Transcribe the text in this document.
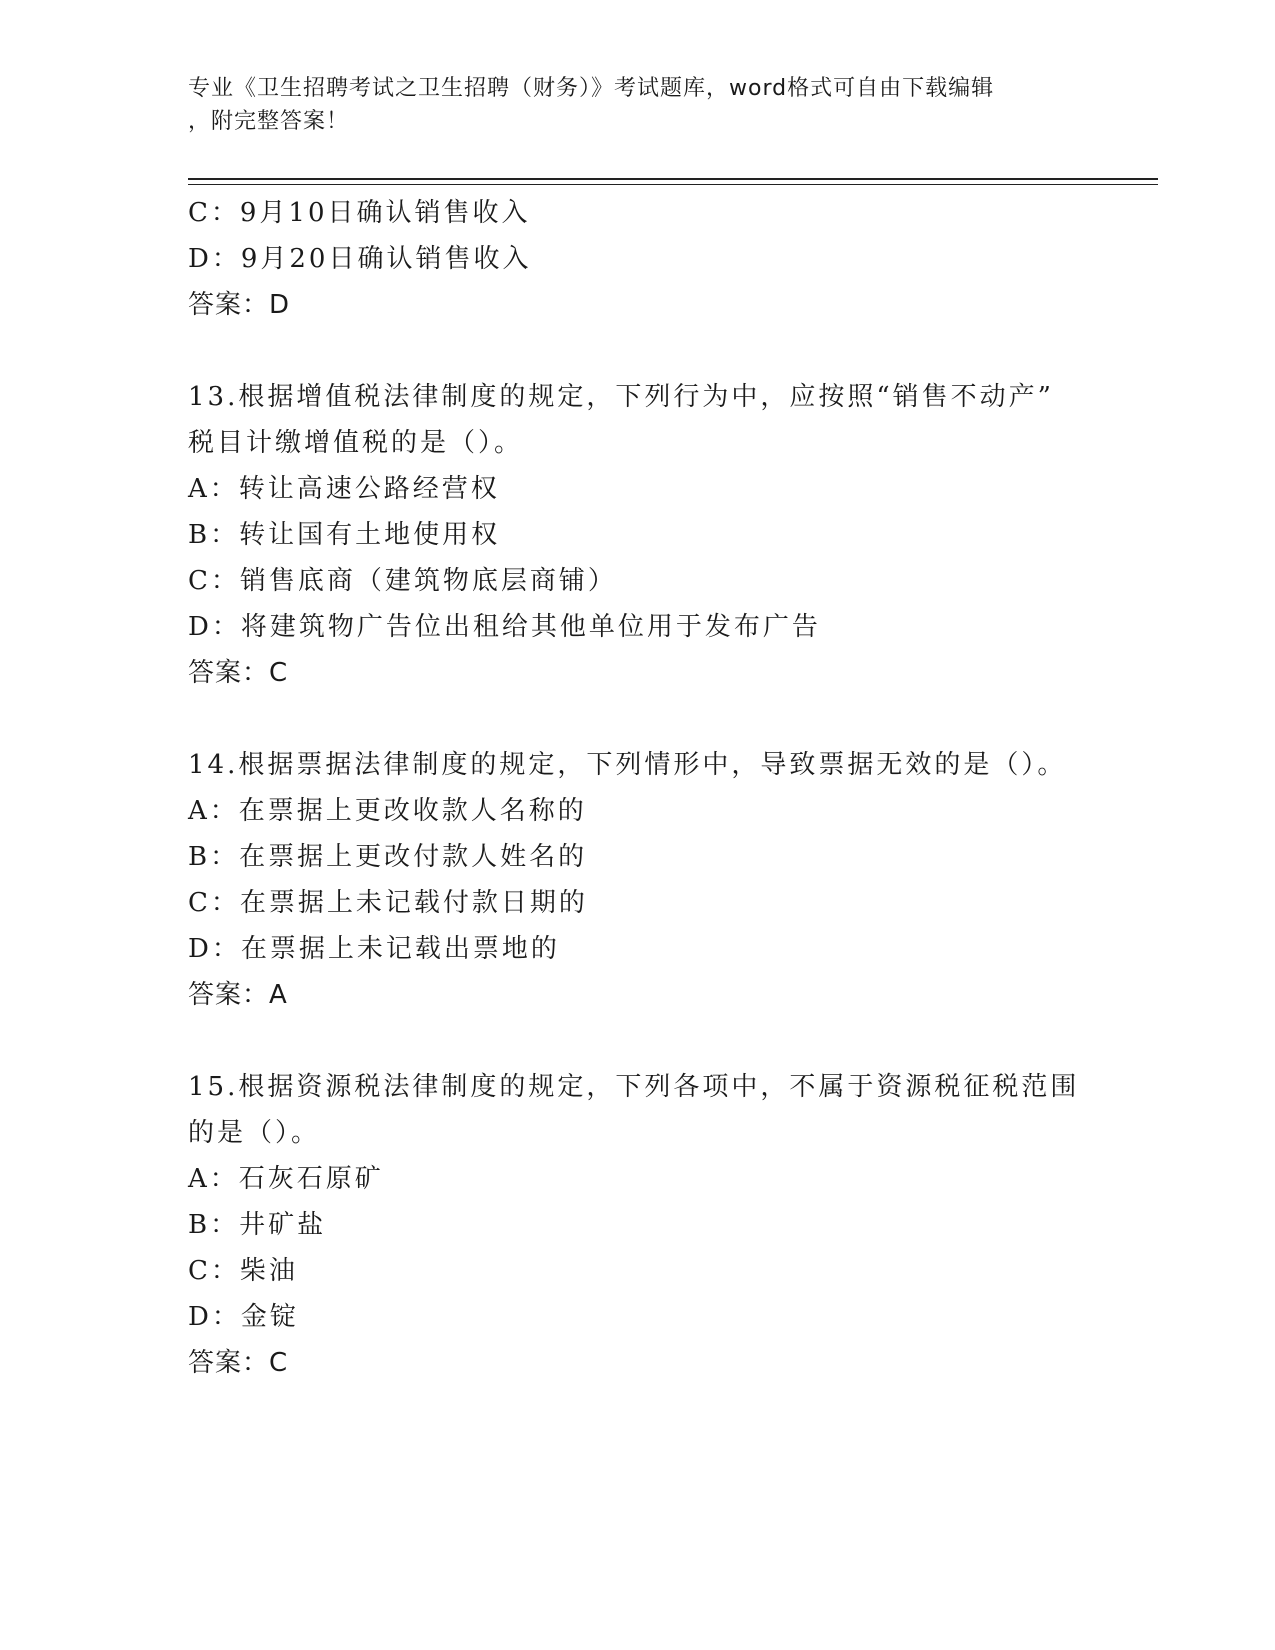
专业《卫生招聘考试之卫生招聘（财务）》考试题库，word格式可自由下载编辑
，附完整答案！
C：9月10日确认销售收入
D：9月20日确认销售收入
答案：D
13.根据增值税法律制度的规定，下列行为中，应按照“销售不动产”
税目计缴增值税的是（）。
A：转让高速公路经营权
B：转让国有土地使用权
C：销售底商（建筑物底层商铺）
D：将建筑物广告位出租给其他单位用于发布广告
答案：C
14.根据票据法律制度的规定，下列情形中，导致票据无效的是（）。
A：在票据上更改收款人名称的
B：在票据上更改付款人姓名的
C：在票据上未记载付款日期的
D：在票据上未记载出票地的
答案：A
15.根据资源税法律制度的规定，下列各项中，不属于资源税征税范围
的是（）。
A：石灰石原矿
B：井矿盐
C：柴油
D：金锭
答案：C
